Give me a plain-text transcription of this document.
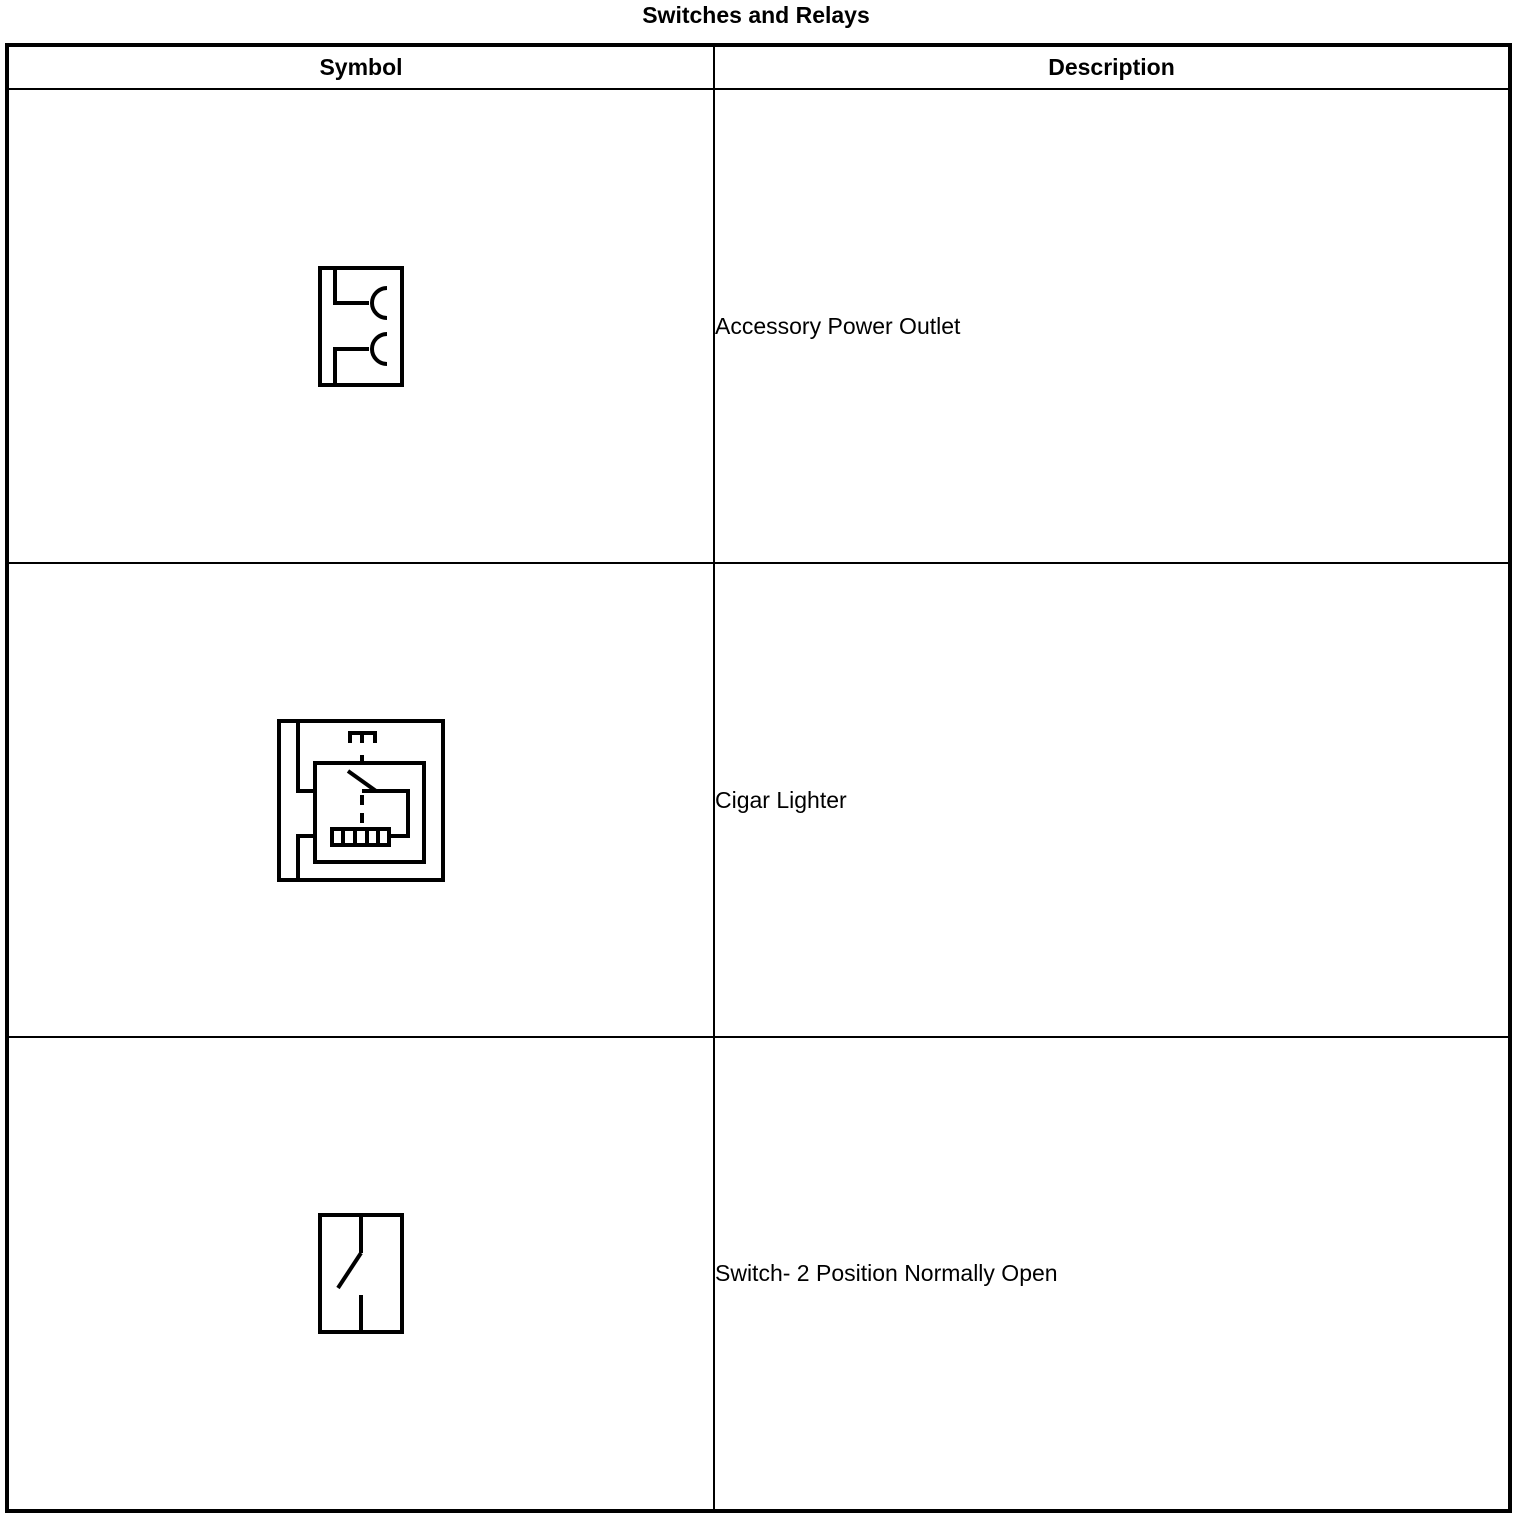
Switches and Relays
Symbol	Description

	Accessory Power Outlet

	Cigar Lighter

	Switch- 2 Position Normally Open
